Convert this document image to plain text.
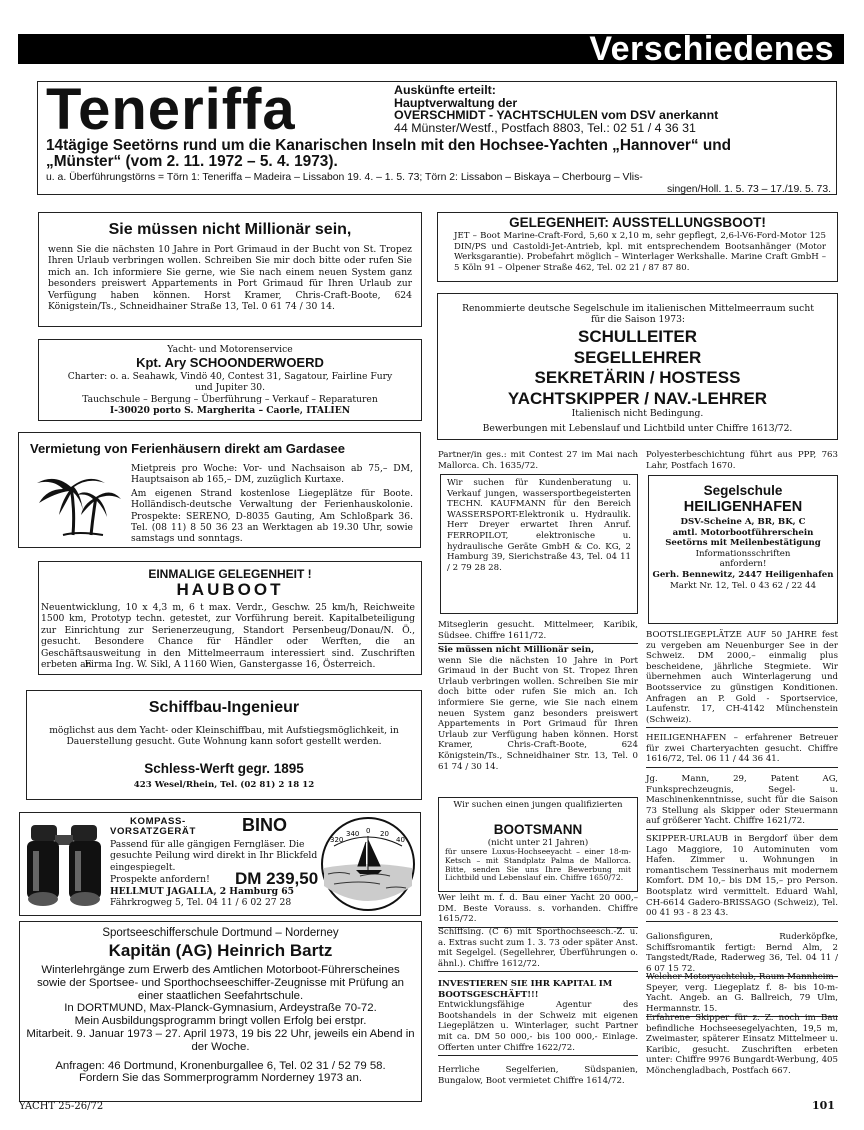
Verschiedenes
Teneriffa	Auskünfte erteilt:
Hauptverwaltung der
OVERSCHMIDT - YACHTSCHULEN vom DSV anerkannt
44 Münster/Westf., Postfach 8803, Tel.: 02 51 / 4 36 31
14tägige Seetörns rund um die Kanarischen Inseln mit den Hochsee-Yachten „Hannover“ und
„Münster“ (vom 2. 11. 1972 – 5. 4. 1973).
u. a. Überführungstörns = Törn 1: Teneriffa – Madeira – Lissabon 19. 4. – 1. 5. 73; Törn 2: Lissabon – Biskaya – Cherbourg – Vlis-
singen/Holl. 1. 5. 73 – 17./19. 5. 73.
Sie müssen nicht Millionär sein,
wenn Sie die nächsten 10 Jahre in Port Grimaud in der Bucht von St. Tropez Ihren Urlaub verbringen wollen. Schreiben Sie mir doch bitte oder rufen Sie mich an. Ich informiere Sie gerne, wie Sie nach einem neuen System ganz besonders preiswert Appartements in Port Grimaud für Ihren Urlaub zur Verfügung haben können. Horst Kramer, Chris-Craft-Boote, 624 Königstein/Ts., Schneidhainer Straße 13, Tel. 0 61 74 / 30 14.
Yacht- und Motorenservice
Kpt. Ary SCHOONDERWOERD
Charter: o. a. Seahawk, Vindö 40, Contest 31, Sagatour, Fairline Fury
und Jupiter 30.
Tauchschule – Bergung – Überführung – Verkauf – Reparaturen
I-30020 porto S. Margherita – Caorle, ITALIEN
Vermietung von Ferienhäusern direkt am Gardasee
Mietpreis pro Woche: Vor- und Nachsaison ab 75,– DM, Hauptsaison ab 165,– DM, zuzüglich Kurtaxe.
Am eigenen Strand kostenlose Liegeplätze für Boote. Holländisch-deutsche Verwaltung der Ferienhauskolonie. Prospekte: SERENO, D-8035 Gauting, Am Schloßpark 36. Tel. (08 11) 8 50 36 23 an Werktagen ab 19.30 Uhr, sowie samstags und sonntags.
EINMALIGE GELEGENHEIT !
HAUBOOT
Neuentwicklung, 10 x 4,3 m, 6 t max. Verdr., Geschw. 25 km/h, Reichweite 1500 km, Prototyp techn. getestet, zur Vorführung bereit. Kapitalbeteiligung zur Einrichtung zur Serienerzeugung, Standort Persenbeug/Donau/N. Ö., gesucht. Besondere Chance für Händler oder Werften, die an Geschäftsausweitung in den Mittelmeerraum interessiert sind. Zuschriften erbeten an
Firma Ing. W. Sikl, A 1160 Wien, Ganstergasse 16, Österreich.
Schiffbau-Ingenieur
möglichst aus dem Yacht- oder Kleinschiffbau, mit Aufstiegsmöglichkeit, in Dauerstellung gesucht. Gute Wohnung kann sofort gestellt werden.
Schless-Werft gegr. 1895
423 Wesel/Rhein, Tel. (02 81) 2 18 12
KOMPASS-
VORSATZGERÄT	BINO
Passend für alle gängigen Ferngläser. Die gesuchte Peilung wird direkt in Ihr Blickfeld eingespiegelt.
Prospekte anfordern! DM 239,50
HELLMUT JAGALLA, 2 Hamburg 65
Fährkrogweg 5, Tel. 04 11 / 6 02 27 28
320
340 0 20
40
Sportseeschifferschule Dortmund – Norderney
Kapitän (AG) Heinrich Bartz
Winterlehrgänge zum Erwerb des Amtlichen Motorboot-Führerscheines sowie der Sportsee- und Sporthochseeschiffer-Zeugnisse mit Prüfung an einer staatlichen Seefahrtschule.
In DORTMUND, Max-Planck-Gymnasium, Ardeystraße 70-72.
Mein Ausbildungsprogramm bringt vollen Erfolg bei erstpr.
Mitarbeit. 9. Januar 1973 – 27. April 1973, 19 bis 22 Uhr, jeweils ein Abend in der Woche.
Anfragen: 46 Dortmund, Kronenburgallee 6, Tel. 02 31 / 52 79 58.
Fordern Sie das Sommerprogramm Norderney 1973 an.
GELEGENHEIT: AUSSTELLUNGSBOOT!
JET – Boot Marine-Craft-Ford, 5,60 x 2,10 m, sehr gepflegt, 2,6-l-V6-Ford-Motor 125 DIN/PS und Castoldi-Jet-Antrieb, kpl. mit entsprechendem Bootsanhänger (Motor Werksgarantie). Probefahrt möglich – Winterlager Werkshalle. Marine Craft GmbH – 5 Köln 91 – Olpener Straße 462, Tel. 02 21 / 87 87 80.
Renommierte deutsche Segelschule im italienischen Mittelmeerraum sucht für die Saison 1973:
SCHULLEITER
SEGELLEHRER
SEKRETÄRIN / HOSTESS
YACHTSKIPPER / NAV.-LEHRER
Italienisch nicht Bedingung.
Bewerbungen mit Lebenslauf und Lichtbild unter Chiffre 1613/72.
Partner/in ges.: mit Contest 27 im Mai nach Mallorca. Ch. 1635/72.
Wir suchen für Kundenberatung u. Verkauf jungen, wassersportbegeisterten TECHN. KAUFMANN für den Bereich WASSERSPORT-Elektronik u. Hydraulik. Herr Dreyer erwartet Ihren Anruf. FERROPILOT, elektronische u. hydraulische Geräte GmbH & Co. KG, 2 Hamburg 39, Sierichstraße 43, Tel. 04 11 / 2 79 28 28.
Mitseglerin gesucht. Mittelmeer, Karibik, Südsee. Chiffre 1611/72.
Sie müssen nicht Millionär sein,
wenn Sie die nächsten 10 Jahre in Port Grimaud in der Bucht von St. Tropez Ihren Urlaub verbringen wollen. Schreiben Sie mir doch bitte oder rufen Sie mich an. Ich informiere Sie gerne, wie Sie nach einem neuen System ganz besonders preiswert Appartements in Port Grimaud für Ihren Urlaub zur Verfügung haben können. Horst Kramer, Chris-Craft-Boote, 624 Königstein/Ts., Schneidhainer Str. 13, Tel. 0 61 74 / 30 14.
Wir suchen einen jungen qualifizierten
BOOTSMANN
(nicht unter 21 Jahren)
für unsere Luxus-Hochseeyacht – einer 18-m-Ketsch – mit Standplatz Palma de Mallorca. Bitte, senden Sie uns Ihre Bewerbung mit Lichtbild und Lebenslauf ein. Chiffre 1650/72.
Wer leiht m. f. d. Bau einer Yacht 20 000,– DM. Beste Vorauss. s. vorhanden. Chiffre 1615/72.
Schiffsing. (C 6) mit Sporthochseesch.-Z. u. a. Extras sucht zum 1. 3. 73 oder später Anst. mit Segelgel. (Segellehrer, Überführungen o. ähnl.). Chiffre 1612/72.
INVESTIEREN SIE IHR KAPITAL IM BOOTSGESCHÄFT!!!
Entwicklungsfähige Agentur des Bootshandels in der Schweiz mit eigenen Liegeplätzen u. Winterlager, sucht Partner mit ca. DM 50 000,- bis 100 000,- Einlage. Offerten unter Chiffre 1622/72.
Herrliche Segelferien, Südspanien, Bungalow, Boot vermietet Chiffre 1614/72.
Polyesterbeschichtung führt aus PPP, 763 Lahr, Postfach 1670.
Segelschule
HEILIGENHAFEN
DSV-Scheine A, BR, BK, C
amtl. Motorbootführerschein
Seetörns mit Meilenbestätigung
Informationsschriften
anfordern!
Gerh. Bennewitz, 2447 Heiligenhafen
Markt Nr. 12, Tel. 0 43 62 / 22 44
BOOTSLIEGEPLÄTZE AUF 50 JAHRE fest zu vergeben am Neuenburger See in der Schweiz. DM 2000,– einmalig plus bescheidene, jährliche Stegmiete. Wir übernehmen auch Winterlagerung und Bootsservice zu günstigen Konditionen. Anfragen an P. Gold - Sportservice, Laufenstr. 17, CH-4142 Münchenstein (Schweiz).
HEILIGENHAFEN – erfahrener Betreuer für zwei Charteryachten gesucht. Chiffre 1616/72, Tel. 06 11 / 44 36 41.
Jg. Mann, 29, Patent AG, Funksprechzeugnis, Segel- u. Maschinenkenntnisse, sucht für die Saison 73 Stellung als Skipper oder Steuermann auf größerer Yacht. Chiffre 1621/72.
SKIPPER-URLAUB in Bergdorf über dem Lago Maggiore, 10 Autominuten vom Hafen. Zimmer u. Wohnungen in romantischem Tessinerhaus mit modernem Komfort. DM 10,– bis DM 15,– pro Person. Bootsplatz wird vermittelt. Eduard Wahl, CH-6614 Gadero-BRISSAGO (Schweiz), Tel. 00 41 93 - 8 23 43.
Galionsfiguren, Ruderköpfke, Schiffsromantik fertigt: Bernd Alm, 2 Tangstedt/Rade, Raderweg 36, Tel. 04 11 / 6 07 15 72.
Welcher Motoryachtclub, Raum Mannheim–Speyer, verg. Liegeplatz f. 8- bis 10-m-Yacht. Angeb. an G. Ballreich, 79 Ulm, Hermannstr. 15.
Erfahrene Skipper für z. Z. noch im Bau befindliche Hochseesegelyachten, 19,5 m, Zweimaster, späterer Einsatz Mittelmeer u. Karibic, gesucht. Zuschriften erbeten unter: Chiffre 9976 Bungardt-Werbung, 405 Mönchengladbach, Postfach 667.
YACHT 25-26/72	101
